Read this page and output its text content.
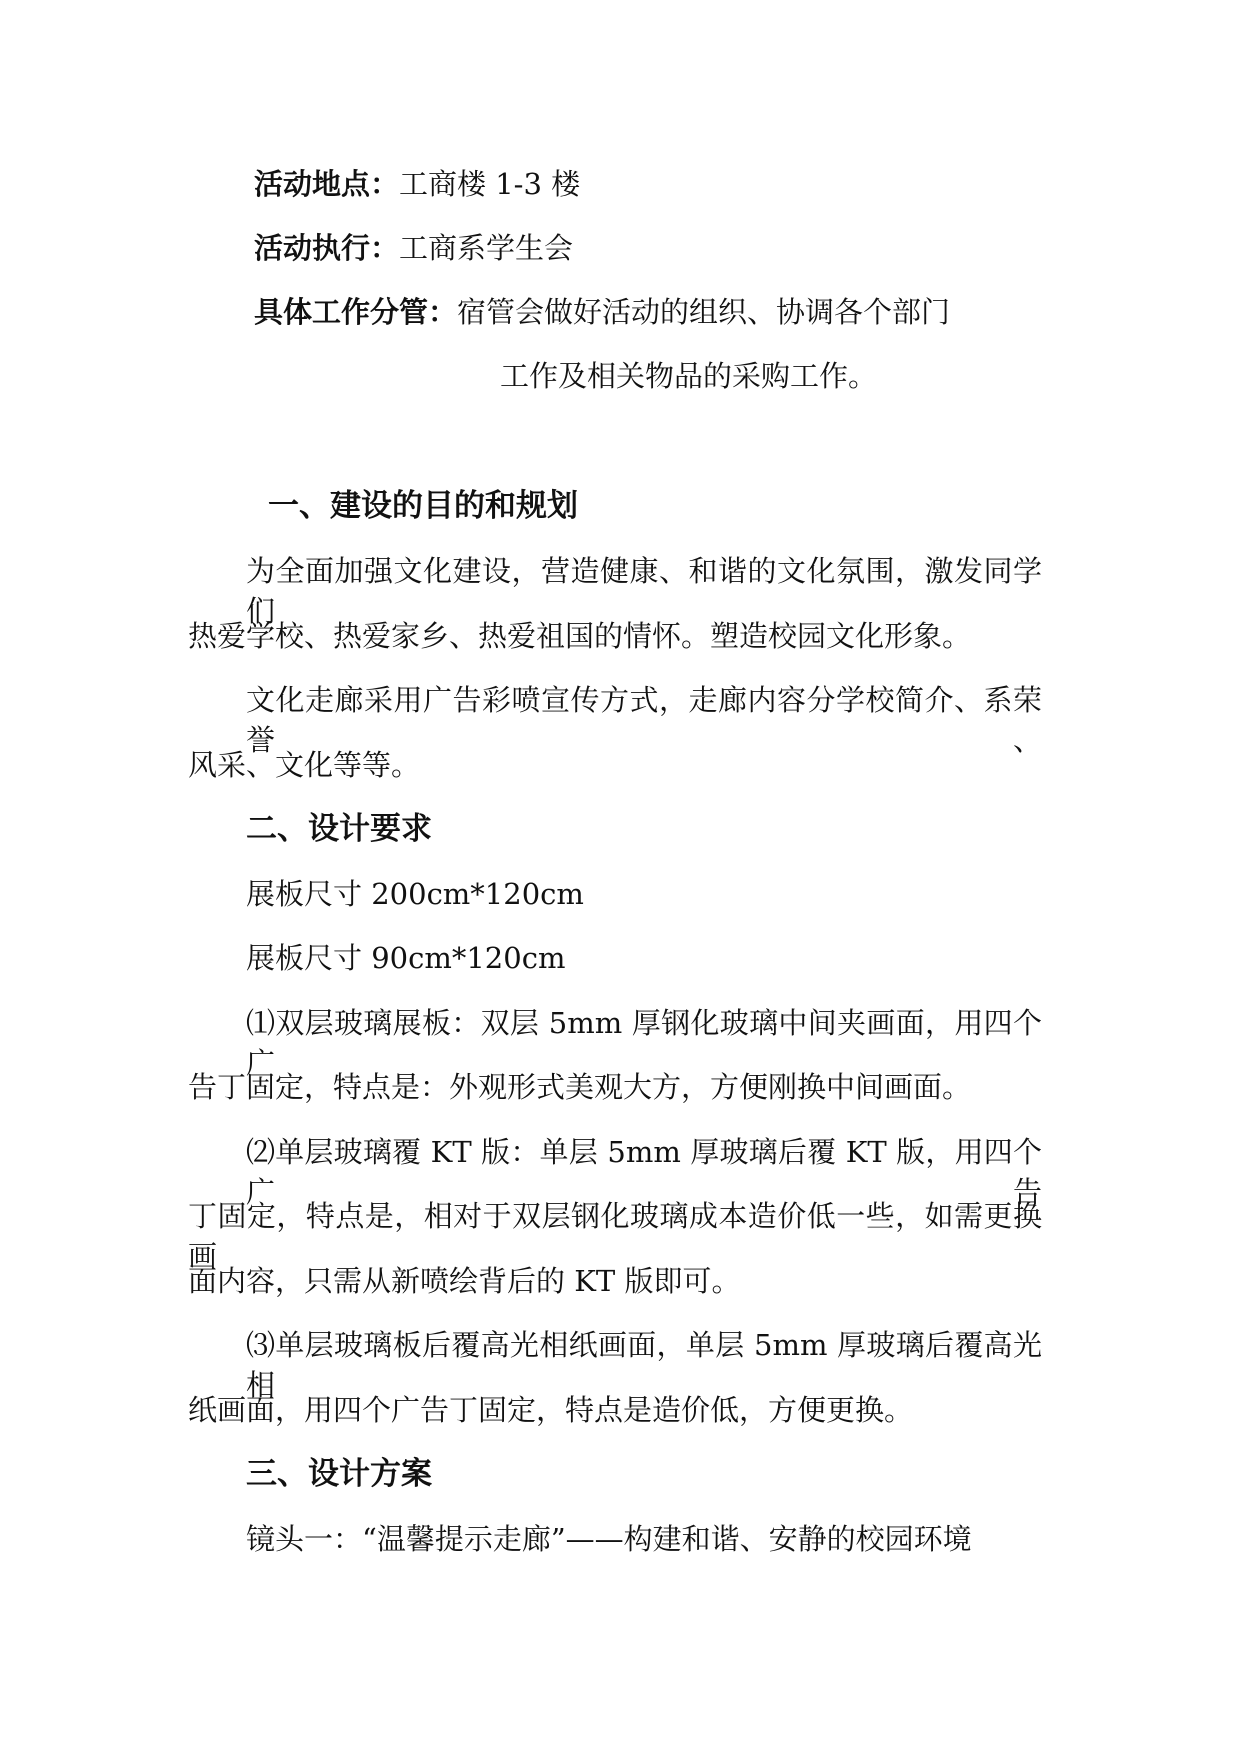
活动地点：工商楼 1-3 楼
活动执行：工商系学生会
具体工作分管：宿管会做好活动的组织、协调各个部门
工作及相关物品的采购工作。
一、建设的目的和规划
为全面加强文化建设，营造健康、和谐的文化氛围，激发同学们
热爱学校、热爱家乡、热爱祖国的情怀。塑造校园文化形象。
文化走廊采用广告彩喷宣传方式，走廊内容分学校简介、系荣誉、
风采、文化等等。
二、设计要求
展板尺寸 200cm*120cm
展板尺寸 90cm*120cm
⑴双层玻璃展板：双层 5mm 厚钢化玻璃中间夹画面，用四个广
告丁固定，特点是：外观形式美观大方，方便刚换中间画面。
⑵单层玻璃覆 KT 版：单层 5mm 厚玻璃后覆 KT 版，用四个广告
丁固定，特点是，相对于双层钢化玻璃成本造价低一些，如需更换画
面内容，只需从新喷绘背后的 KT 版即可。
⑶单层玻璃板后覆高光相纸画面，单层 5mm 厚玻璃后覆高光相
纸画面，用四个广告丁固定，特点是造价低，方便更换。
三、设计方案
镜头一：“温馨提示走廊”——构建和谐、安静的校园环境
